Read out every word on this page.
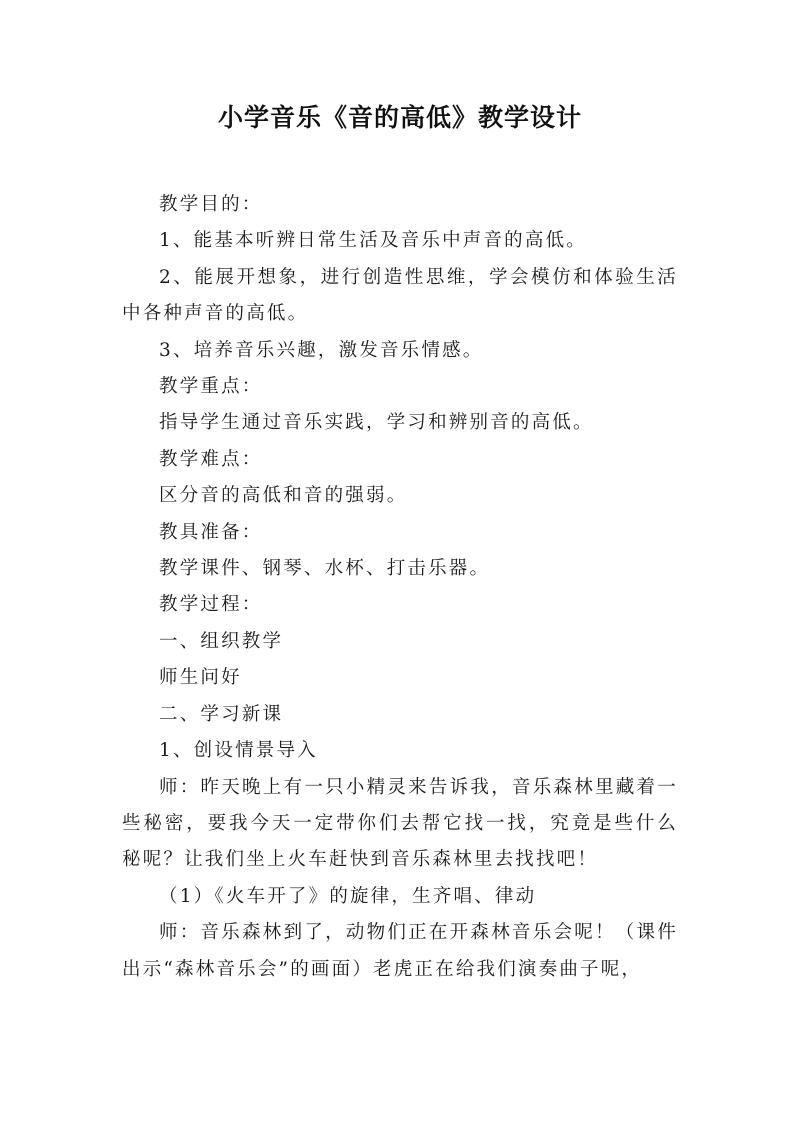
小学音乐《音的高低》教学设计

教学目的：

1、能基本听辨日常生活及音乐中声音的高低。

2、能展开想象，进行创造性思维，学会模仿和体验生活中各种声音的高低。

3、培养音乐兴趣，激发音乐情感。

教学重点：

指导学生通过音乐实践，学习和辨别音的高低。

教学难点：

区分音的高低和音的强弱。

教具准备：

教学课件、钢琴、水杯、打击乐器。

教学过程：

一、组织教学

师生问好

二、学习新课

1、创设情景导入

师：昨天晚上有一只小精灵来告诉我，音乐森林里藏着一些秘密，要我今天一定带你们去帮它找一找，究竟是些什么秘呢？让我们坐上火车赶快到音乐森林里去找找吧！

（1）《火车开了》的旋律，生齐唱、律动

师：音乐森林到了，动物们正在开森林音乐会呢！（课件出示“森林音乐会”的画面）老虎正在给我们演奏曲子呢，
